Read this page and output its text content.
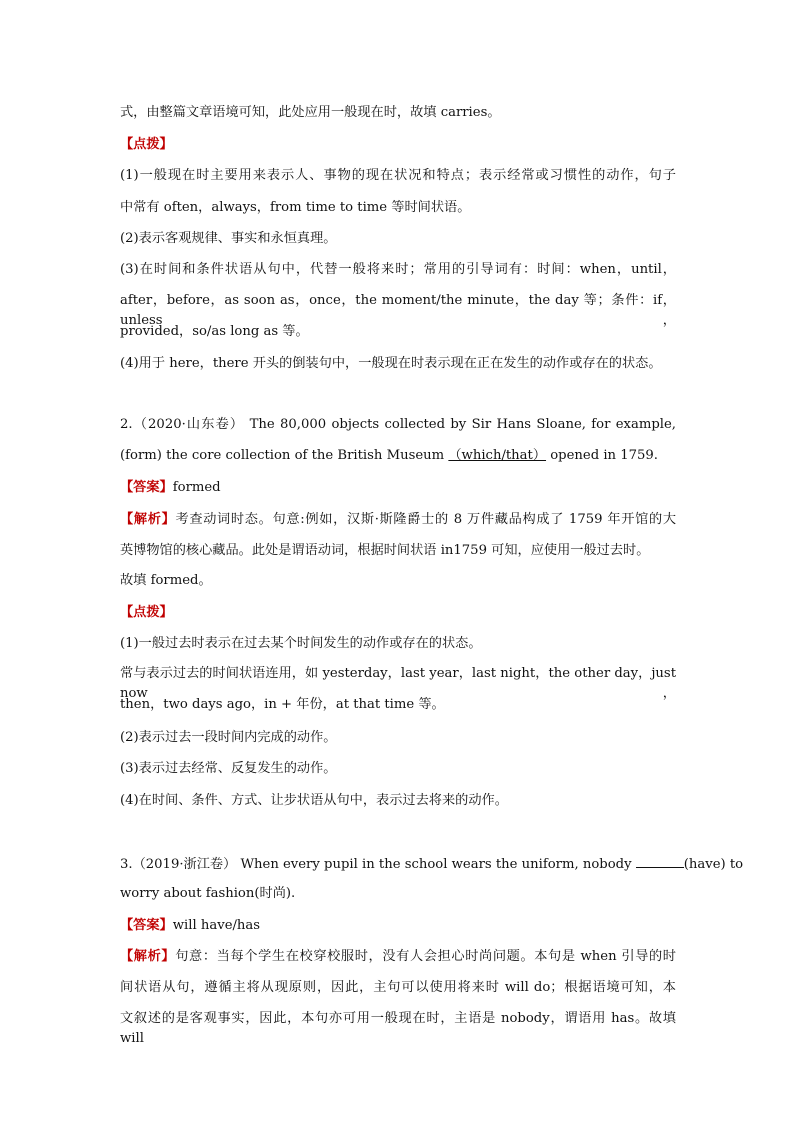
式，由整篇文章语境可知，此处应用一般现在时，故填 carries。
【点拨】
(1)一般现在时主要用来表示人、事物的现在状况和特点；表示经常或习惯性的动作，句子
中常有 often，always，from time to time 等时间状语。
(2)表示客观规律、事实和永恒真理。
(3)在时间和条件状语从句中，代替一般将来时；常用的引导词有：时间：when，until，
after，before，as soon as，once，the moment/the minute，the day 等；条件：if，unless，
provided，so/as long as 等。
(4)用于 here，there 开头的倒装句中，一般现在时表示现在正在发生的动作或存在的状态。
2.（2020·山东卷） The 80,000 objects collected by Sir Hans Sloane, for example,
(form) the core collection of the British Museum （which/that） opened in 1759.
【答案】formed
【解析】考查动词时态。句意:例如，汉斯·斯隆爵士的 8 万件藏品构成了 1759 年开馆的大
英博物馆的核心藏品。此处是谓语动词，根据时间状语 in1759 可知，应使用一般过去时。
故填 formed。
【点拨】
(1)一般过去时表示在过去某个时间发生的动作或存在的状态。
常与表示过去的时间状语连用，如 yesterday，last year，last night，the other day，just now，
then，two days ago，in + 年份，at that time 等。
(2)表示过去一段时间内完成的动作。
(3)表示过去经常、反复发生的动作。
(4)在时间、条件、方式、让步状语从句中，表示过去将来的动作。
3.（2019·浙江卷） When every pupil in the school wears the uniform, nobody	(have) to
worry about fashion(时尚).
【答案】will have/has
【解析】句意：当每个学生在校穿校服时，没有人会担心时尚问题。本句是 when 引导的时
间状语从句，遵循主将从现原则，因此，主句可以使用将来时 will do；根据语境可知，本
文叙述的是客观事实，因此，本句亦可用一般现在时，主语是 nobody，谓语用 has。故填 will
